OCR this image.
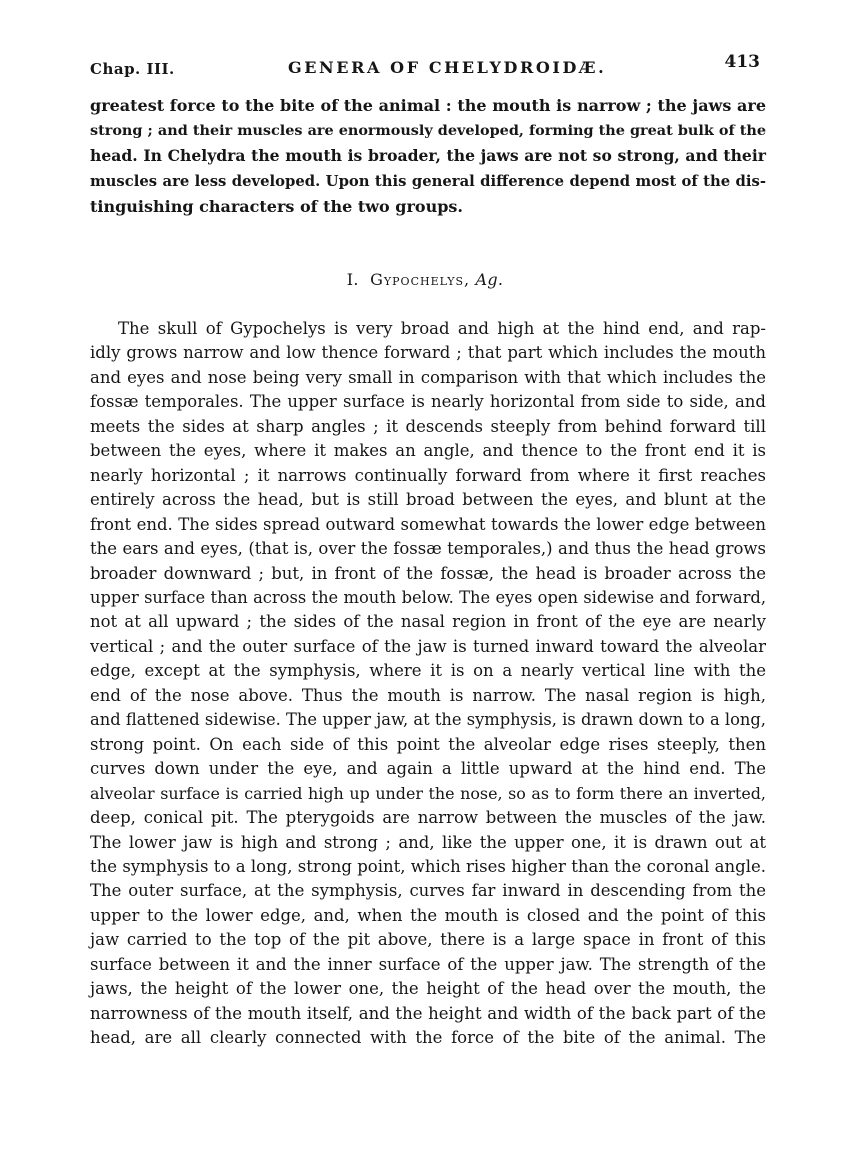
Chap. III.	GENERA OF CHELYDROIDÆ.	413

greatest force to the bite of the animal : the mouth is narrow ; the jaws are
strong ; and their muscles are enormously developed, forming the great bulk of the
head. In Chelydra the mouth is broader, the jaws are not so strong, and their
muscles are less developed. Upon this general difference depend most of the dis-
tinguishing characters of the two groups.

I. Gypochelys, Ag.

The skull of Gypochelys is very broad and high at the hind end, and rap-
idly grows narrow and low thence forward ; that part which includes the mouth
and eyes and nose being very small in comparison with that which includes the
fossæ temporales. The upper surface is nearly horizontal from side to side, and
meets the sides at sharp angles ; it descends steeply from behind forward till
between the eyes, where it makes an angle, and thence to the front end it is
nearly horizontal ; it narrows continually forward from where it first reaches
entirely across the head, but is still broad between the eyes, and blunt at the
front end. The sides spread outward somewhat towards the lower edge between
the ears and eyes, (that is, over the fossæ temporales,) and thus the head grows
broader downward ; but, in front of the fossæ, the head is broader across the
upper surface than across the mouth below. The eyes open sidewise and forward,
not at all upward ; the sides of the nasal region in front of the eye are nearly
vertical ; and the outer surface of the jaw is turned inward toward the alveolar
edge, except at the symphysis, where it is on a nearly vertical line with the
end of the nose above. Thus the mouth is narrow. The nasal region is high,
and flattened sidewise. The upper jaw, at the symphysis, is drawn down to a long,
strong point. On each side of this point the alveolar edge rises steeply, then
curves down under the eye, and again a little upward at the hind end. The
alveolar surface is carried high up under the nose, so as to form there an inverted,
deep, conical pit. The pterygoids are narrow between the muscles of the jaw.
The lower jaw is high and strong ; and, like the upper one, it is drawn out at
the symphysis to a long, strong point, which rises higher than the coronal angle.
The outer surface, at the symphysis, curves far inward in descending from the
upper to the lower edge, and, when the mouth is closed and the point of this
jaw carried to the top of the pit above, there is a large space in front of this
surface between it and the inner surface of the upper jaw. The strength of the
jaws, the height of the lower one, the height of the head over the mouth, the
narrowness of the mouth itself, and the height and width of the back part of the
head, are all clearly connected with the force of the bite of the animal. The
